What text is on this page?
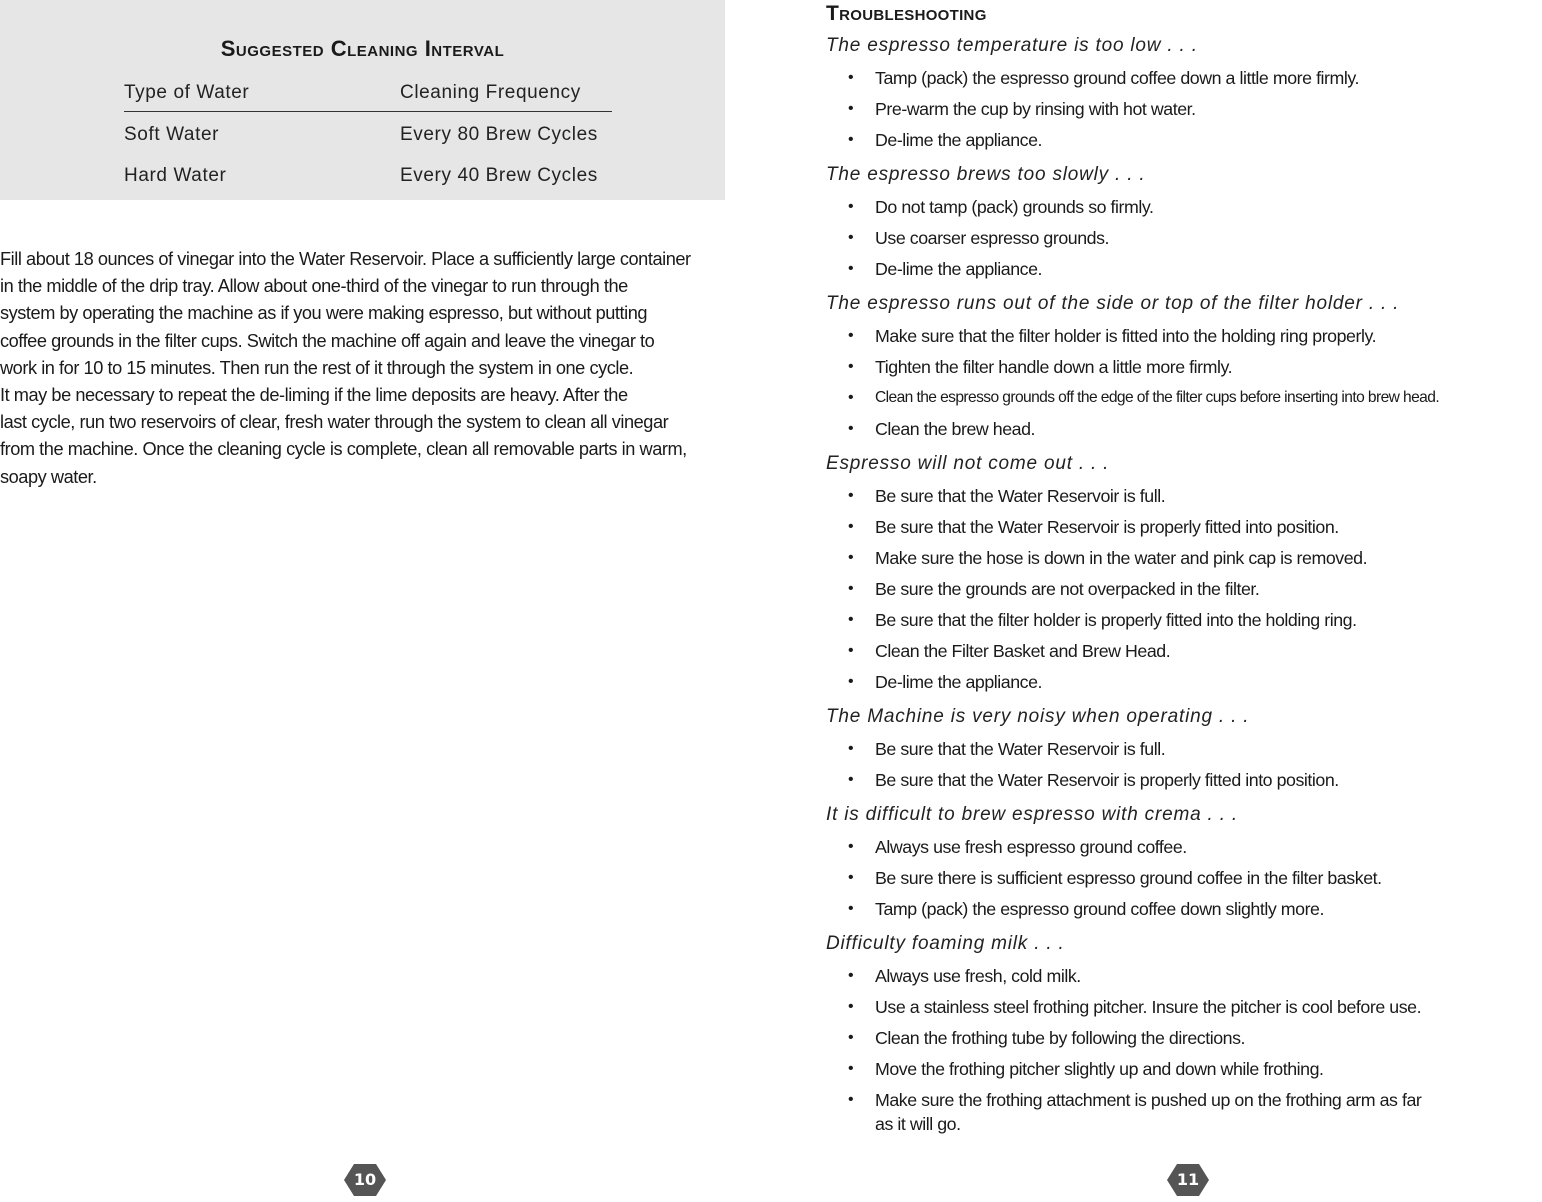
Suggested Cleaning Interval
Type of Water	Cleaning Frequency
Soft Water	Every 80 Brew Cycles
Hard Water	Every 40 Brew Cycles

Fill about 18 ounces of vinegar into the Water Reservoir. Place a sufficiently large container

in the middle of the drip tray. Allow about one-third of the vinegar to run through the

system by operating the machine as if you were making espresso, but without putting

coffee grounds in the filter cups. Switch the machine off again and leave the vinegar to

work in for 10 to 15 minutes. Then run the rest of it through the system in one cycle.

It may be necessary to repeat the de-liming if the lime deposits are heavy. After the

last cycle, run two reservoirs of clear, fresh water through the system to clean all vinegar

from the machine. Once the cleaning cycle is complete, clean all removable parts in warm,

soapy water.

10
Troubleshooting
The espresso temperature is too low . . .
• Tamp (pack) the espresso ground coffee down a little more firmly.
• Pre-warm the cup by rinsing with hot water.
• De-lime the appliance.
The espresso brews too slowly . . .
• Do not tamp (pack) grounds so firmly.
• Use coarser espresso grounds.
• De-lime the appliance.
The espresso runs out of the side or top of the filter holder . . .
• Make sure that the filter holder is fitted into the holding ring properly.
• Tighten the filter handle down a little more firmly.
• Clean the espresso grounds off the edge of the filter cups before inserting into brew head.
• Clean the brew head.
Espresso will not come out . . .
• Be sure that the Water Reservoir is full.
• Be sure that the Water Reservoir is properly fitted into position.
• Make sure the hose is down in the water and pink cap is removed.
• Be sure the grounds are not overpacked in the filter.
• Be sure that the filter holder is properly fitted into the holding ring.
• Clean the Filter Basket and Brew Head.
• De-lime the appliance.
The Machine is very noisy when operating . . .
• Be sure that the Water Reservoir is full.
• Be sure that the Water Reservoir is properly fitted into position.
It is difficult to brew espresso with crema . . .
• Always use fresh espresso ground coffee.
• Be sure there is sufficient espresso ground coffee in the filter basket.
• Tamp (pack) the espresso ground coffee down slightly more.
Difficulty foaming milk . . .
• Always use fresh, cold milk.
• Use a stainless steel frothing pitcher. Insure the pitcher is cool before use.
• Clean the frothing tube by following the directions.
• Move the frothing pitcher slightly up and down while frothing.
• Make sure the frothing attachment is pushed up on the frothing arm as far as it will go.
11
